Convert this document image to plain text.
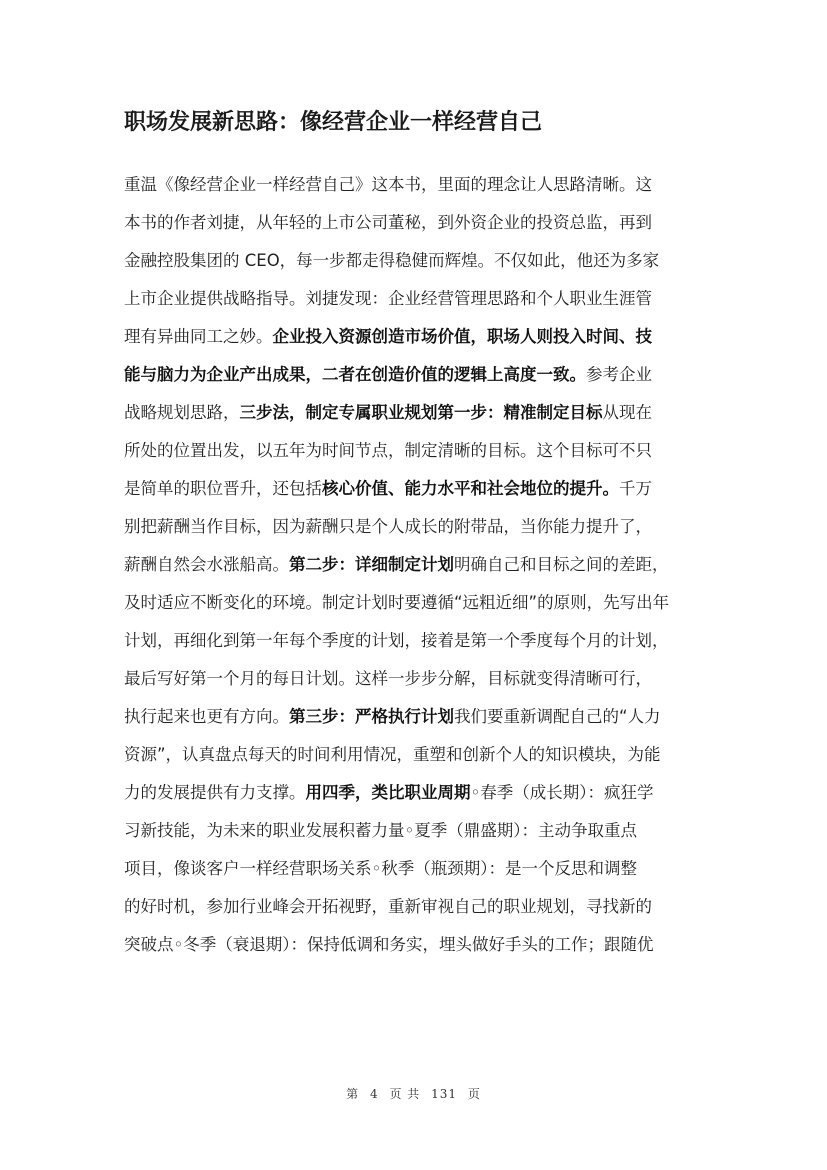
职场发展新思路：像经营企业一样经营自己
重温《像经营企业一样经营自己》这本书，里面的理念让人思路清晰。这
本书的作者刘捷，从年轻的上市公司董秘，到外资企业的投资总监，再到
金融控股集团的 CEO，每一步都走得稳健而辉煌。不仅如此，他还为多家
上市企业提供战略指导。刘捷发现：企业经营管理思路和个人职业生涯管
理有异曲同工之妙。企业投入资源创造市场价值，职场人则投入时间、技
能与脑力为企业产出成果，二者在创造价值的逻辑上高度一致。参考企业
战略规划思路，三步法，制定专属职业规划第一步：精准制定目标从现在
所处的位置出发，以五年为时间节点，制定清晰的目标。这个目标可不只
是简单的职位晋升，还包括核心价值、能力水平和社会地位的提升。千万
别把薪酬当作目标，因为薪酬只是个人成长的附带品，当你能力提升了，
薪酬自然会水涨船高。第二步：详细制定计划明确自己和目标之间的差距，
及时适应不断变化的环境。制定计划时要遵循“远粗近细”的原则，先写出年
计划，再细化到第一年每个季度的计划，接着是第一个季度每个月的计划，
最后写好第一个月的每日计划。这样一步步分解，目标就变得清晰可行，
执行起来也更有方向。第三步：严格执行计划我们要重新调配自己的“人力
资源”，认真盘点每天的时间利用情况，重塑和创新个人的知识模块，为能
力的发展提供有力支撑。用四季，类比职业周期◦春季（成长期）：疯狂学
习新技能，为未来的职业发展积蓄力量◦夏季（鼎盛期）：主动争取重点
项目，像谈客户一样经营职场关系◦秋季（瓶颈期）：是一个反思和调整
的好时机，参加行业峰会开拓视野，重新审视自己的职业规划，寻找新的
突破点◦冬季（衰退期）：保持低调和务实，埋头做好手头的工作；跟随优
第 4 页 共 131 页
